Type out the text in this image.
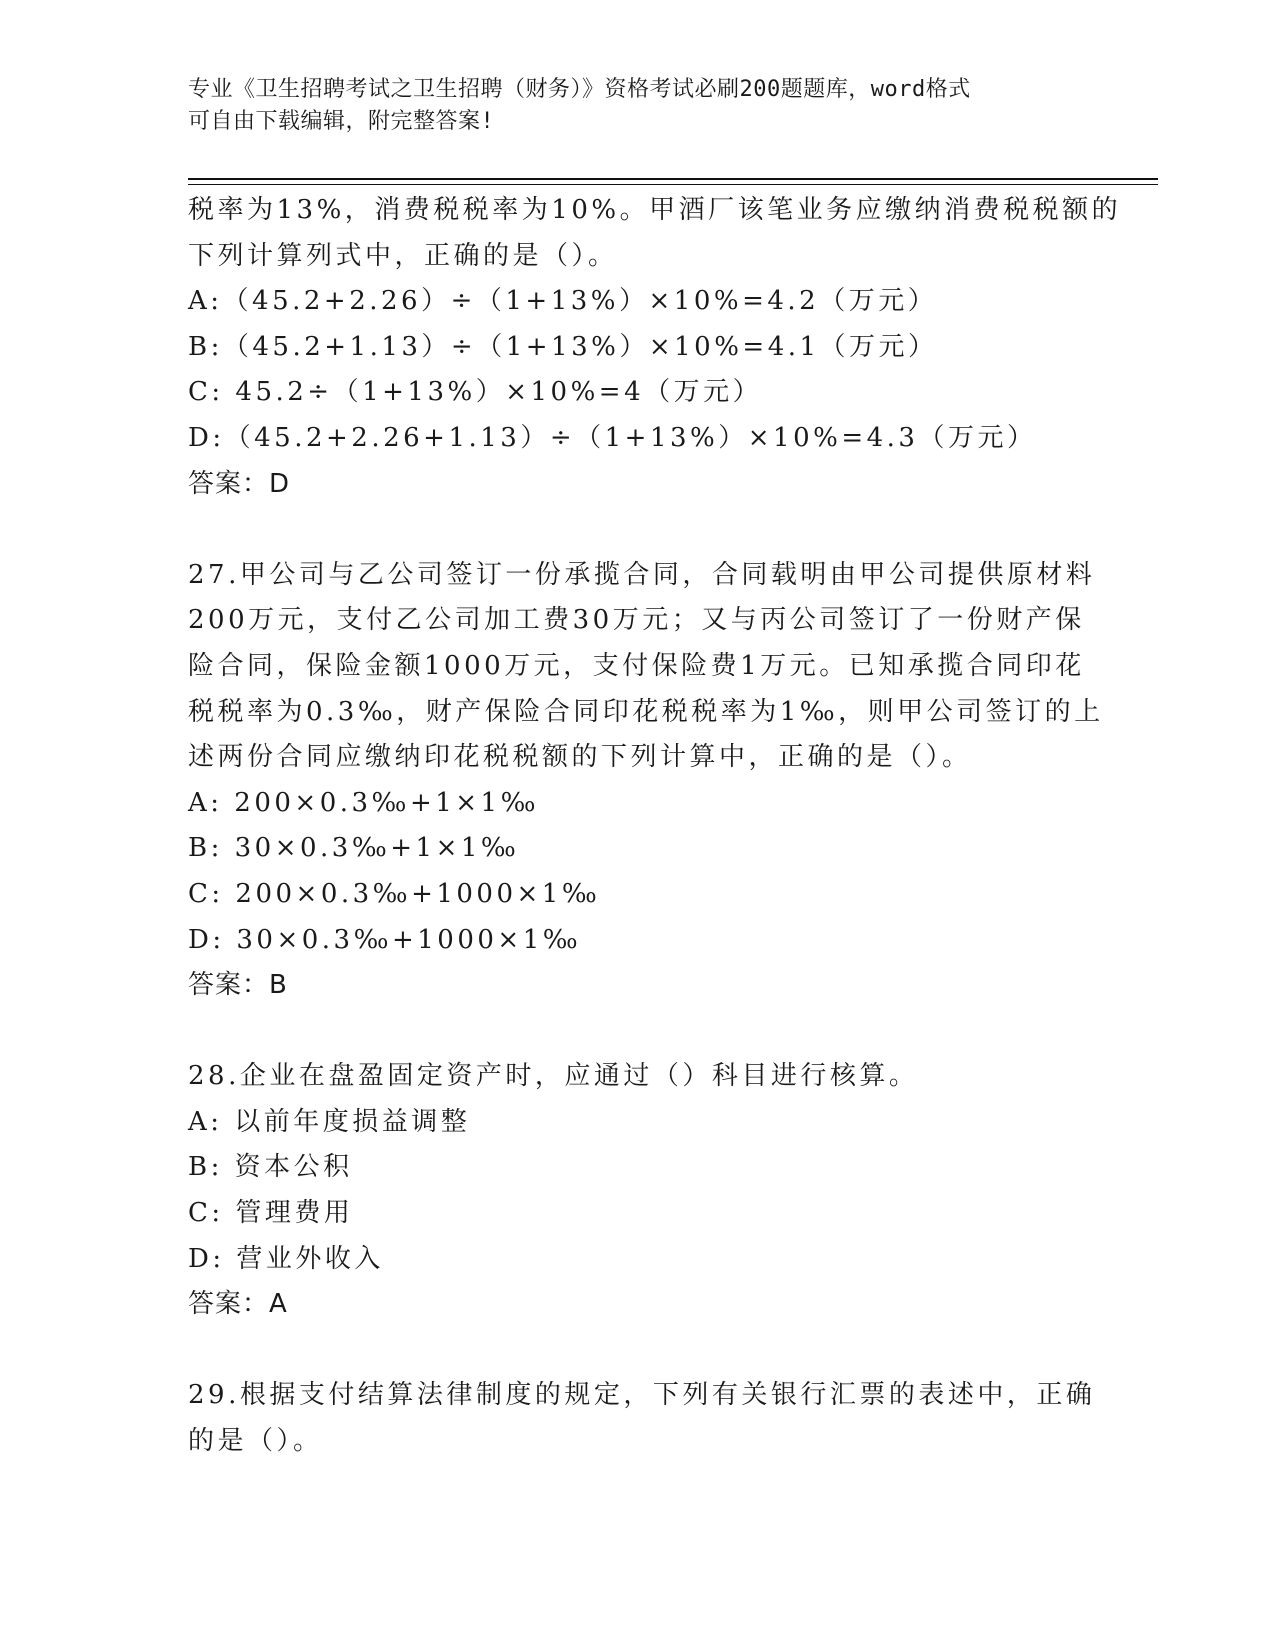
专业《卫生招聘考试之卫生招聘（财务）》资格考试必刷200题题库，word格式
可自由下载编辑，附完整答案!
税率为13%，消费税税率为10%。甲酒厂该笔业务应缴纳消费税税额的
下列计算列式中，正确的是（）。
A:（45.2+2.26）÷（1+13%）×10%=4.2（万元）
B:（45.2+1.13）÷（1+13%）×10%=4.1（万元）
C: 45.2÷（1+13%）×10%=4（万元）
D:（45.2+2.26+1.13）÷（1+13%）×10%=4.3（万元）
答案：D
27.甲公司与乙公司签订一份承揽合同，合同载明由甲公司提供原材料
200万元，支付乙公司加工费30万元；又与丙公司签订了一份财产保
险合同，保险金额1000万元，支付保险费1万元。已知承揽合同印花
税税率为0.3‰，财产保险合同印花税税率为1‰，则甲公司签订的上
述两份合同应缴纳印花税税额的下列计算中，正确的是（）。
A: 200×0.3‰+1×1‰
B: 30×0.3‰+1×1‰
C: 200×0.3‰+1000×1‰
D: 30×0.3‰+1000×1‰
答案：B
28.企业在盘盈固定资产时，应通过（）科目进行核算。
A: 以前年度损益调整
B: 资本公积
C: 管理费用
D: 营业外收入
答案：A
29.根据支付结算法律制度的规定，下列有关银行汇票的表述中，正确
的是（）。
